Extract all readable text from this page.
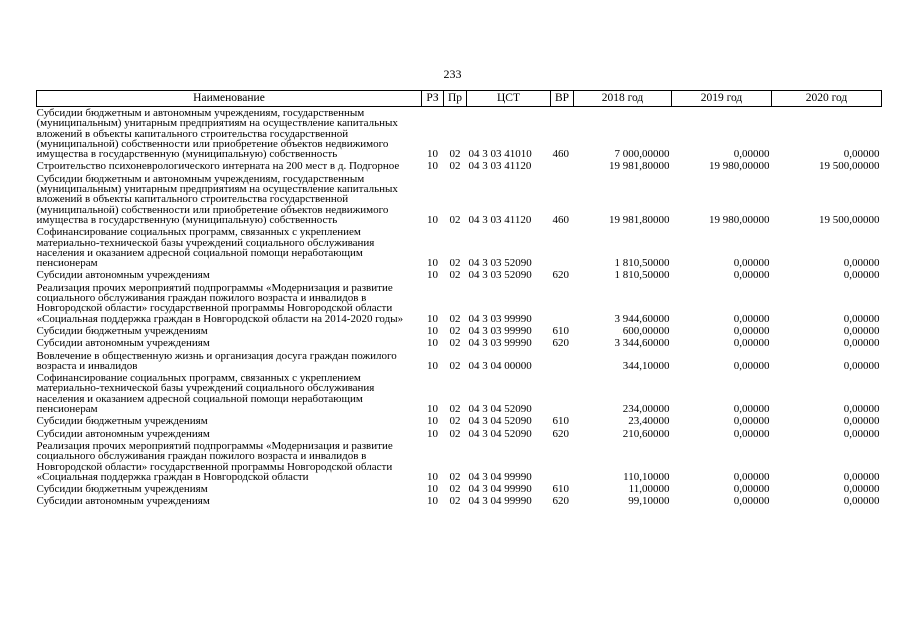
233
Наименование	РЗ	Пр	ЦСТ	ВР	2018 год	2019 год	2020 год
Субсидии бюджетным и автономным учреждениям, государственным (муниципальным) унитарным предприятиям на осуществление капитальных вложений в объекты капитального строительства государственной (муниципальной) собственности или приобретение объектов недвижимого имущества в государственную (муниципальную) собственность	10	02	04 3 03 41010	460	7 000,00000	0,00000	0,00000
Строительство психоневрологического интерната на 200 мест в д. Подгорное	10	02	04 3 03 41120		19 981,80000	19 980,00000	19 500,00000
Субсидии бюджетным и автономным учреждениям, государственным (муниципальным) унитарным предприятиям на осуществление капитальных вложений в объекты капитального строительства государственной (муниципальной) собственности или приобретение объектов недвижимого имущества в государственную (муниципальную) собственность	10	02	04 3 03 41120	460	19 981,80000	19 980,00000	19 500,00000
Софинансирование социальных программ, связанных с укреплением материально-технической базы учреждений социального обслуживания населения и оказанием адресной социальной помощи неработающим пенсионерам	10	02	04 3 03 52090		1 810,50000	0,00000	0,00000
Субсидии автономным учреждениям	10	02	04 3 03 52090	620	1 810,50000	0,00000	0,00000
Реализация прочих мероприятий подпрограммы «Модернизация и развитие социального обслуживания граждан пожилого возраста и инвалидов в Новгородской области» государственной программы Новгородской области «Социальная поддержка граждан в Новгородской области на 2014-2020 годы»	10	02	04 3 03 99990		3 944,60000	0,00000	0,00000
Субсидии бюджетным учреждениям	10	02	04 3 03 99990	610	600,00000	0,00000	0,00000
Субсидии автономным учреждениям	10	02	04 3 03 99990	620	3 344,60000	0,00000	0,00000
Вовлечение в общественную жизнь и организация досуга граждан пожилого возраста и инвалидов	10	02	04 3 04 00000		344,10000	0,00000	0,00000
Софинансирование социальных программ, связанных с укреплением материально-технической базы учреждений социального обслуживания населения и оказанием адресной социальной помощи неработающим пенсионерам	10	02	04 3 04 52090		234,00000	0,00000	0,00000
Субсидии бюджетным учреждениям	10	02	04 3 04 52090	610	23,40000	0,00000	0,00000
Субсидии автономным учреждениям	10	02	04 3 04 52090	620	210,60000	0,00000	0,00000
Реализация прочих мероприятий подпрограммы «Модернизация и развитие социального обслуживания граждан пожилого возраста и инвалидов в Новгородской области» государственной программы Новгородской области «Социальная поддержка граждан в Новгородской области	10	02	04 3 04 99990		110,10000	0,00000	0,00000
Субсидии бюджетным учреждениям	10	02	04 3 04 99990	610	11,00000	0,00000	0,00000
Субсидии автономным учреждениям	10	02	04 3 04 99990	620	99,10000	0,00000	0,00000
